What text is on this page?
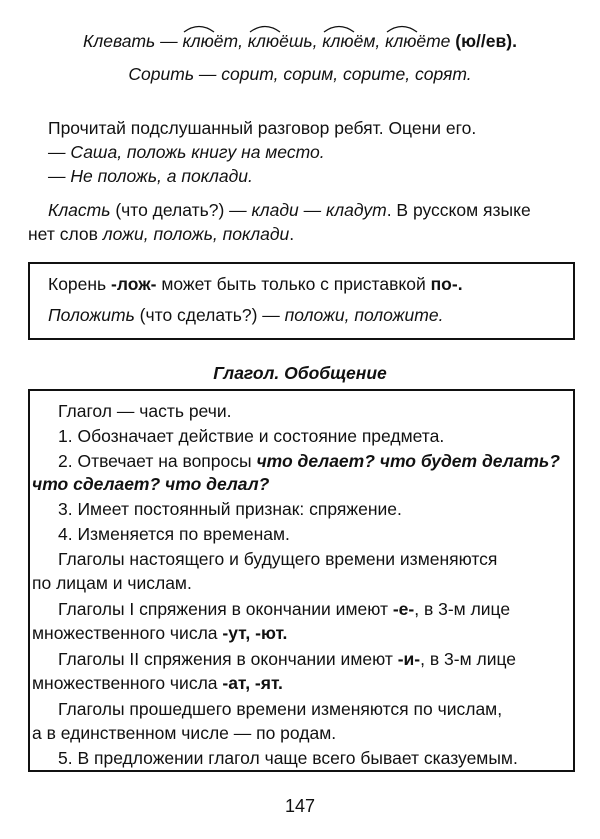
Клевать — клюёт
, клюёшь
, клюём
, клюёте
(ю//ев).
Сорить — сорит, сорим, сорите, сорят.
Прочитай подслушанный разговор ребят. Оцени его.
— Саша, положь книгу на место.
— Не положь, а поклади.
Класть (что делать?) — клади — кладут. В русском языке
нет слов ложи, положь, поклади.
Корень -лож- может быть только с приставкой по-.
Положить (что сделать?) — положи, положите.
Глагол. Обобщение
Глагол — часть речи.
1. Обозначает действие и состояние предмета.
2. Отвечает на вопросы что делает? что будет делать?
что сделает? что делал?
3. Имеет постоянный признак: спряжение.
4. Изменяется по временам.
Глаголы настоящего и будущего времени изменяются
по лицам и числам.
Глаголы I спряжения в окончании имеют -е-, в 3-м лице
множественного числа -ут, -ют.
Глаголы II спряжения в окончании имеют -и-, в 3-м лице
множественного числа -ат, -ят.
Глаголы прошедшего времени изменяются по числам,
а в единственном числе — по родам.
5. В предложении глагол чаще всего бывает сказуемым.
147
